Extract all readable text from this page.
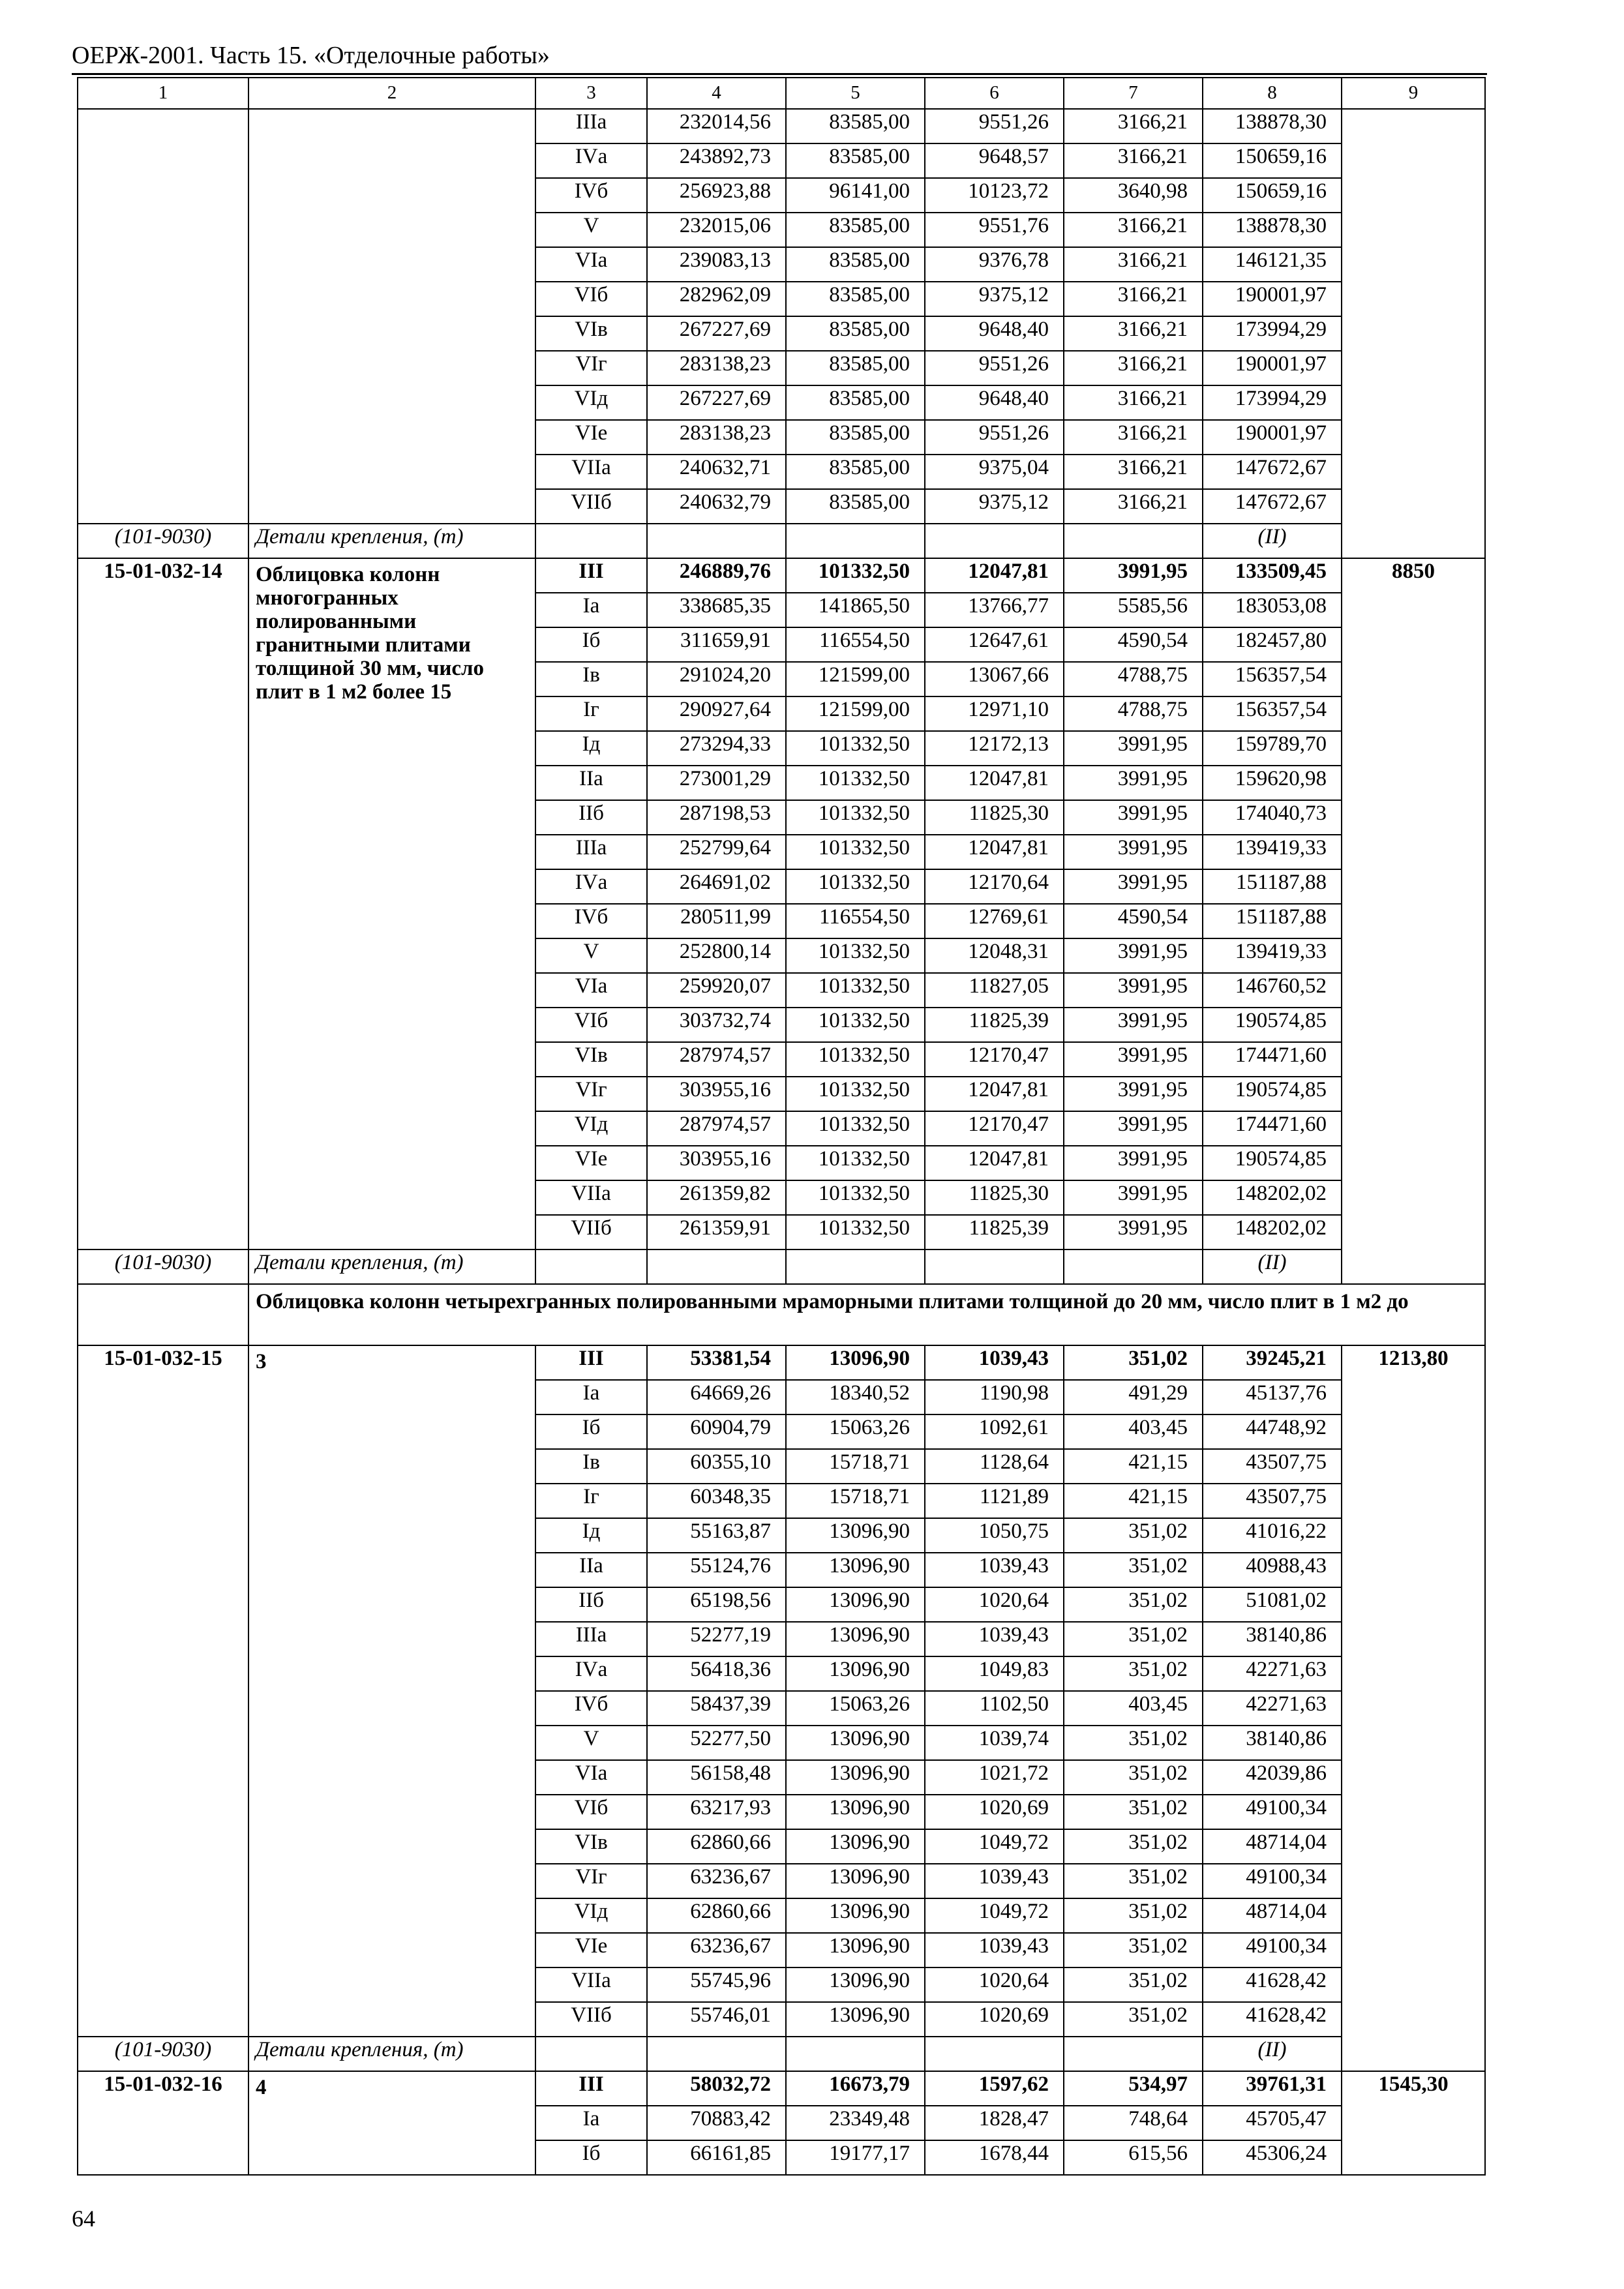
ОЕРЖ-2001. Часть 15. «Отделочные работы»
1	2	3	4	5	6	7	8	9
		IIIа	232014,56	83585,00	9551,26	3166,21	138878,30	
		IVа	243892,73	83585,00	9648,57	3166,21	150659,16	
		IVб	256923,88	96141,00	10123,72	3640,98	150659,16	
		V	232015,06	83585,00	9551,76	3166,21	138878,30	
		VIа	239083,13	83585,00	9376,78	3166,21	146121,35	
		VIб	282962,09	83585,00	9375,12	3166,21	190001,97	
		VIв	267227,69	83585,00	9648,40	3166,21	173994,29	
		VIг	283138,23	83585,00	9551,26	3166,21	190001,97	
		VIд	267227,69	83585,00	9648,40	3166,21	173994,29	
		VIе	283138,23	83585,00	9551,26	3166,21	190001,97	
		VIIа	240632,71	83585,00	9375,04	3166,21	147672,67	
		VIIб	240632,79	83585,00	9375,12	3166,21	147672,67	
(101-9030)	Детали крепления, (т)						(II)	
15-01-032-14	Облицовка колонн многогранных полированными гранитными плитами толщиной 30 мм, число плит в 1 м2 более 15	III	246889,76	101332,50	12047,81	3991,95	133509,45	8850
		Iа	338685,35	141865,50	13766,77	5585,56	183053,08	
		Iб	311659,91	116554,50	12647,61	4590,54	182457,80	
		Iв	291024,20	121599,00	13067,66	4788,75	156357,54	
		Iг	290927,64	121599,00	12971,10	4788,75	156357,54	
		Iд	273294,33	101332,50	12172,13	3991,95	159789,70	
		IIа	273001,29	101332,50	12047,81	3991,95	159620,98	
		IIб	287198,53	101332,50	11825,30	3991,95	174040,73	
		IIIа	252799,64	101332,50	12047,81	3991,95	139419,33	
		IVа	264691,02	101332,50	12170,64	3991,95	151187,88	
		IVб	280511,99	116554,50	12769,61	4590,54	151187,88	
		V	252800,14	101332,50	12048,31	3991,95	139419,33	
		VIа	259920,07	101332,50	11827,05	3991,95	146760,52	
		VIб	303732,74	101332,50	11825,39	3991,95	190574,85	
		VIв	287974,57	101332,50	12170,47	3991,95	174471,60	
		VIг	303955,16	101332,50	12047,81	3991,95	190574,85	
		VIд	287974,57	101332,50	12170,47	3991,95	174471,60	
		VIе	303955,16	101332,50	12047,81	3991,95	190574,85	
		VIIа	261359,82	101332,50	11825,30	3991,95	148202,02	
		VIIб	261359,91	101332,50	11825,39	3991,95	148202,02	
(101-9030)	Детали крепления, (т)						(II)	
	Облицовка колонн четырехгранных полированными мраморными плитами толщиной до 20 мм, число плит в 1 м2 до							
15-01-032-15	3	III	53381,54	13096,90	1039,43	351,02	39245,21	1213,80
		Iа	64669,26	18340,52	1190,98	491,29	45137,76	
		Iб	60904,79	15063,26	1092,61	403,45	44748,92	
		Iв	60355,10	15718,71	1128,64	421,15	43507,75	
		Iг	60348,35	15718,71	1121,89	421,15	43507,75	
		Iд	55163,87	13096,90	1050,75	351,02	41016,22	
		IIа	55124,76	13096,90	1039,43	351,02	40988,43	
		IIб	65198,56	13096,90	1020,64	351,02	51081,02	
		IIIа	52277,19	13096,90	1039,43	351,02	38140,86	
		IVа	56418,36	13096,90	1049,83	351,02	42271,63	
		IVб	58437,39	15063,26	1102,50	403,45	42271,63	
		V	52277,50	13096,90	1039,74	351,02	38140,86	
		VIа	56158,48	13096,90	1021,72	351,02	42039,86	
		VIб	63217,93	13096,90	1020,69	351,02	49100,34	
		VIв	62860,66	13096,90	1049,72	351,02	48714,04	
		VIг	63236,67	13096,90	1039,43	351,02	49100,34	
		VIд	62860,66	13096,90	1049,72	351,02	48714,04	
		VIе	63236,67	13096,90	1039,43	351,02	49100,34	
		VIIа	55745,96	13096,90	1020,64	351,02	41628,42	
		VIIб	55746,01	13096,90	1020,69	351,02	41628,42	
(101-9030)	Детали крепления, (т)						(II)	
15-01-032-16	4	III	58032,72	16673,79	1597,62	534,97	39761,31	1545,30
		Iа	70883,42	23349,48	1828,47	748,64	45705,47	
		Iб	66161,85	19177,17	1678,44	615,56	45306,24	
64
